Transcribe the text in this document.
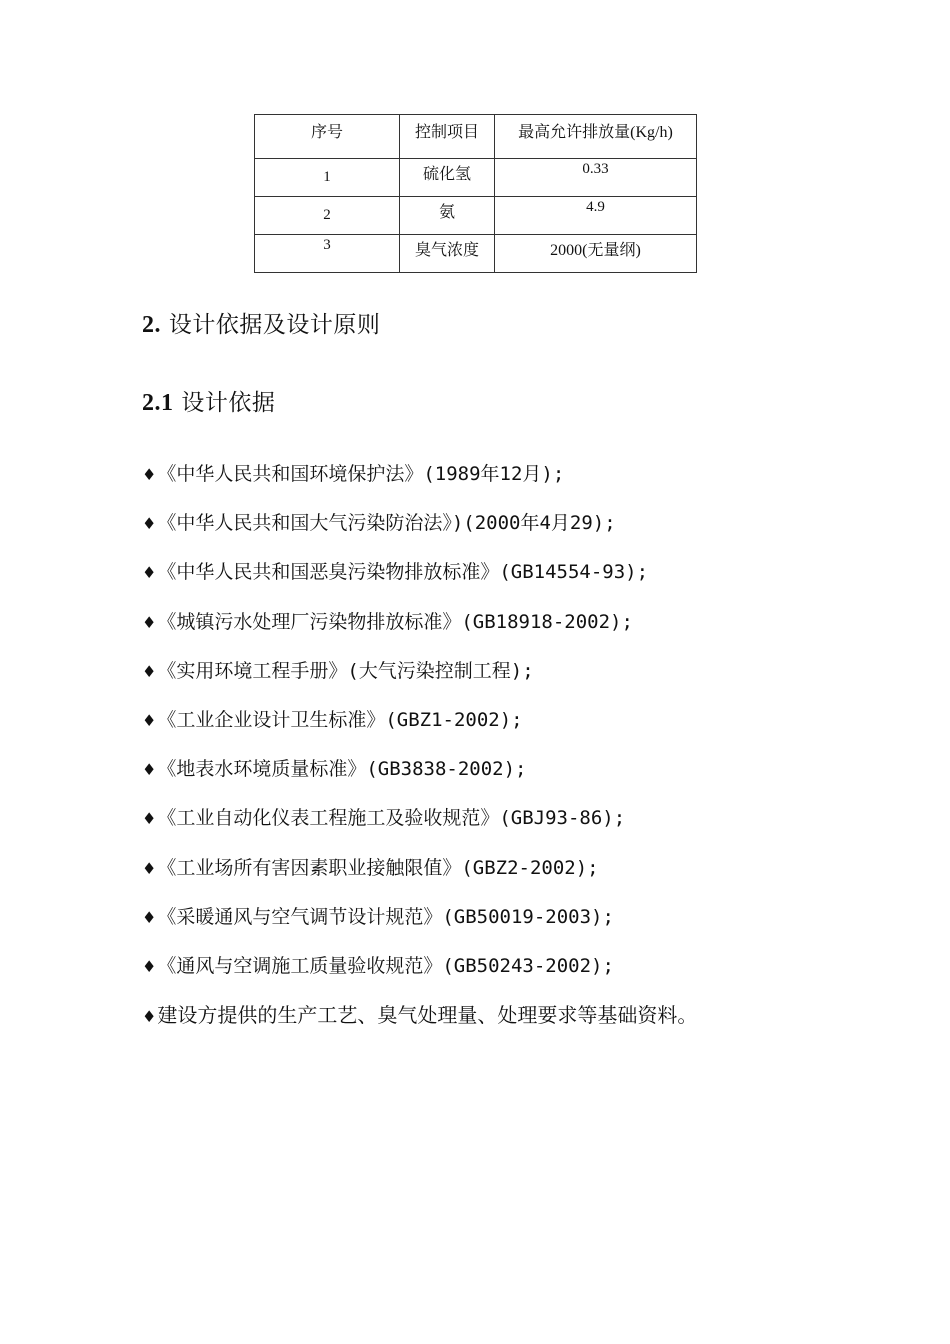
序号	控制项目	最高允许排放量(Kg/h)
1	硫化氢	0.33
2	氨	4.9
3	臭气浓度	2000(无量纲)
2. 设计依据及设计原则
2.1 设计依据
♦《中华人民共和国环境保护法》(1989年12月);
♦《中华人民共和国大气污染防治法》)(2000年4月29);
♦《中华人民共和国恶臭污染物排放标准》(GB14554-93);
♦《城镇污水处理厂污染物排放标准》(GB18918-2002);
♦《实用环境工程手册》(大气污染控制工程);
♦《工业企业设计卫生标准》(GBZ1-2002);
♦《地表水环境质量标准》(GB3838-2002);
♦《工业自动化仪表工程施工及验收规范》(GBJ93-86);
♦《工业场所有害因素职业接触限值》(GBZ2-2002);
♦《采暖通风与空气调节设计规范》(GB50019-2003);
♦《通风与空调施工质量验收规范》(GB50243-2002);
♦建设方提供的生产工艺、臭气处理量、处理要求等基础资料。
